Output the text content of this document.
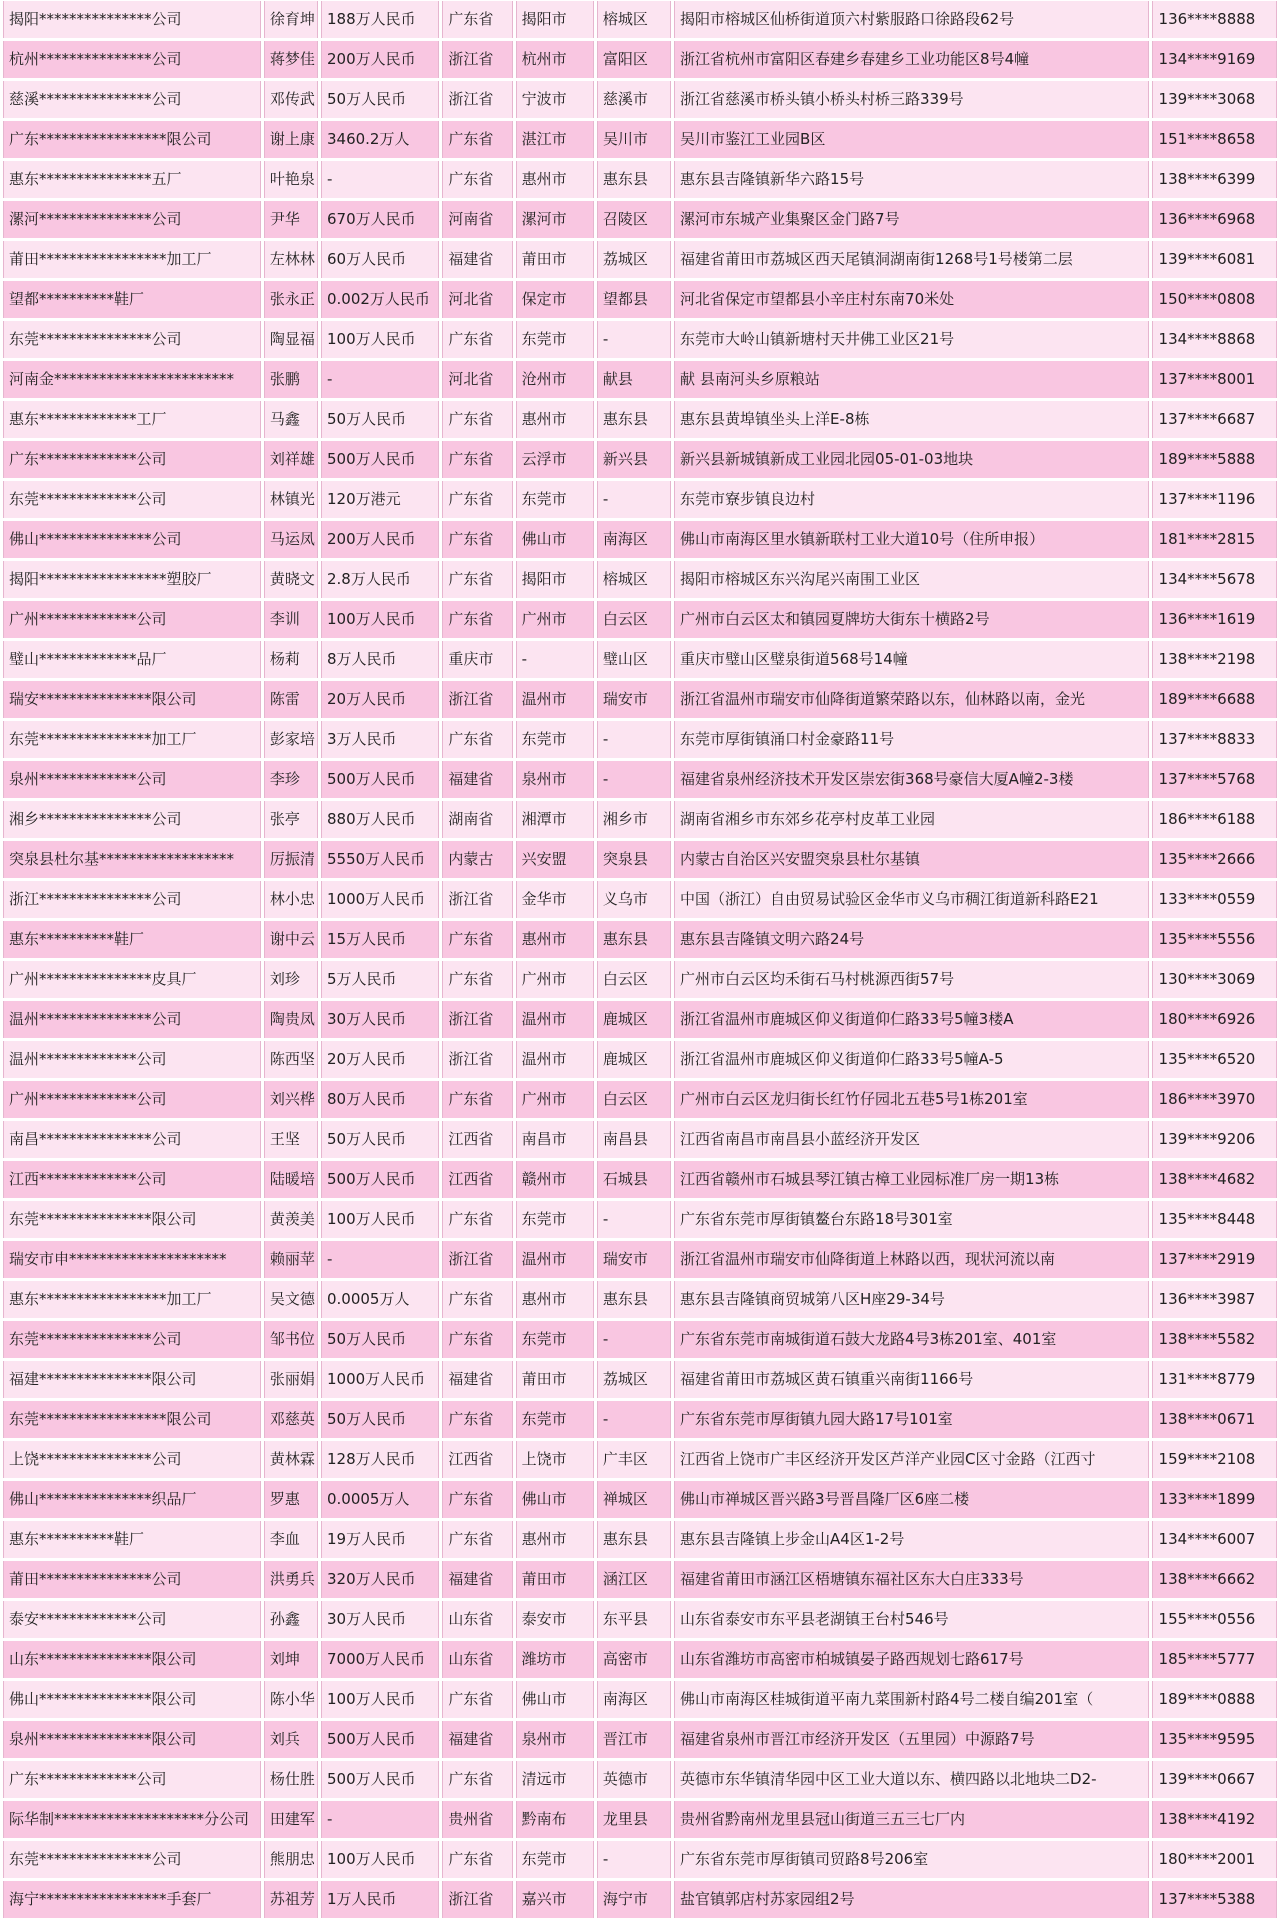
揭阳***************公司	徐育坤	188万人民币	广东省	揭阳市	榕城区	揭阳市榕城区仙桥街道顶六村紫服路口徐路段62号	136****8888
杭州***************公司	蒋梦佳	200万人民币	浙江省	杭州市	富阳区	浙江省杭州市富阳区春建乡春建乡工业功能区8号4幢	134****9169
慈溪***************公司	邓传武	50万人民币	浙江省	宁波市	慈溪市	浙江省慈溪市桥头镇小桥头村桥三路339号	139****3068
广东*****************限公司	谢上康	3460.2万人	广东省	湛江市	吴川市	吴川市鉴江工业园B区	151****8658
惠东***************五厂	叶艳泉	-	广东省	惠州市	惠东县	惠东县吉隆镇新华六路15号	138****6399
漯河***************公司	尹华	670万人民币	河南省	漯河市	召陵区	漯河市东城产业集聚区金门路7号	136****6968
莆田*****************加工厂	左林林	60万人民币	福建省	莆田市	荔城区	福建省莆田市荔城区西天尾镇洞湖南街1268号1号楼第二层	139****6081
望都**********鞋厂	张永正	0.002万人民币	河北省	保定市	望都县	河北省保定市望都县小辛庄村东南70米处	150****0808
东莞***************公司	陶显福	100万人民币	广东省	东莞市	-	东莞市大岭山镇新塘村天井佛工业区21号	134****8868
河南金************************	张鹏	-	河北省	沧州市	献县	献 县南河头乡原粮站	137****8001
惠东*************工厂	马鑫	50万人民币	广东省	惠州市	惠东县	惠东县黄埠镇坐头上洋E-8栋	137****6687
广东*************公司	刘祥雄	500万人民币	广东省	云浮市	新兴县	新兴县新城镇新成工业园北园05-01-03地块	189****5888
东莞*************公司	林镇光	120万港元	广东省	东莞市	-	东莞市寮步镇良边村	137****1196
佛山***************公司	马运凤	200万人民币	广东省	佛山市	南海区	佛山市南海区里水镇新联村工业大道10号（住所申报）	181****2815
揭阳*****************塑胶厂	黄晓文	2.8万人民币	广东省	揭阳市	榕城区	揭阳市榕城区东兴沟尾兴南围工业区	134****5678
广州*************公司	李训	100万人民币	广东省	广州市	白云区	广州市白云区太和镇园夏牌坊大街东十横路2号	136****1619
璧山*************品厂	杨莉	8万人民币	重庆市	-	璧山区	重庆市璧山区璧泉街道568号14幢	138****2198
瑞安***************限公司	陈雷	20万人民币	浙江省	温州市	瑞安市	浙江省温州市瑞安市仙降街道繁荣路以东，仙林路以南，金光	189****6688
东莞***************加工厂	彭家培	3万人民币	广东省	东莞市	-	东莞市厚街镇涌口村金豪路11号	137****8833
泉州*************公司	李珍	500万人民币	福建省	泉州市	-	福建省泉州经济技术开发区崇宏街368号豪信大厦A幢2-3楼	137****5768
湘乡***************公司	张亭	880万人民币	湖南省	湘潭市	湘乡市	湖南省湘乡市东郊乡花亭村皮革工业园	186****6188
突泉县杜尔基******************	厉振清	5550万人民币	内蒙古	兴安盟	突泉县	内蒙古自治区兴安盟突泉县杜尔基镇	135****2666
浙江***************公司	林小忠	1000万人民币	浙江省	金华市	义乌市	中国（浙江）自由贸易试验区金华市义乌市稠江街道新科路E21	133****0559
惠东**********鞋厂	谢中云	15万人民币	广东省	惠州市	惠东县	惠东县吉隆镇文明六路24号	135****5556
广州***************皮具厂	刘珍	5万人民币	广东省	广州市	白云区	广州市白云区均禾街石马村桃源西街57号	130****3069
温州***************公司	陶贵凤	30万人民币	浙江省	温州市	鹿城区	浙江省温州市鹿城区仰义街道仰仁路33号5幢3楼A	180****6926
温州*************公司	陈西坚	20万人民币	浙江省	温州市	鹿城区	浙江省温州市鹿城区仰义街道仰仁路33号5幢A-5	135****6520
广州*************公司	刘兴桦	80万人民币	广东省	广州市	白云区	广州市白云区龙归街长红竹仔园北五巷5号1栋201室	186****3970
南昌***************公司	王坚	50万人民币	江西省	南昌市	南昌县	江西省南昌市南昌县小蓝经济开发区	139****9206
江西*************公司	陆暖培	500万人民币	江西省	赣州市	石城县	江西省赣州市石城县琴江镇古樟工业园标准厂房一期13栋	138****4682
东莞***************限公司	黄羡美	100万人民币	广东省	东莞市	-	广东省东莞市厚街镇鳌台东路18号301室	135****8448
瑞安市申*********************	赖丽苹	-	浙江省	温州市	瑞安市	浙江省温州市瑞安市仙降街道上林路以西，现状河流以南	137****2919
惠东*****************加工厂	吴文德	0.0005万人	广东省	惠州市	惠东县	惠东县吉隆镇商贸城第八区H座29-34号	136****3987
东莞***************公司	邹书位	50万人民币	广东省	东莞市	-	广东省东莞市南城街道石鼓大龙路4号3栋201室、401室	138****5582
福建***************限公司	张丽娟	1000万人民币	福建省	莆田市	荔城区	福建省莆田市荔城区黄石镇重兴南街1166号	131****8779
东莞*****************限公司	邓慈英	50万人民币	广东省	东莞市	-	广东省东莞市厚街镇九园大路17号101室	138****0671
上饶***************公司	黄林霖	128万人民币	江西省	上饶市	广丰区	江西省上饶市广丰区经济开发区芦洋产业园C区寸金路（江西寸	159****2108
佛山***************织品厂	罗惠	0.0005万人	广东省	佛山市	禅城区	佛山市禅城区晋兴路3号晋昌隆厂区6座二楼	133****1899
惠东**********鞋厂	李血	19万人民币	广东省	惠州市	惠东县	惠东县吉隆镇上步金山A4区1-2号	134****6007
莆田***************公司	洪勇兵	320万人民币	福建省	莆田市	涵江区	福建省莆田市涵江区梧塘镇东福社区东大白庄333号	138****6662
泰安*************公司	孙鑫	30万人民币	山东省	泰安市	东平县	山东省泰安市东平县老湖镇王台村546号	155****0556
山东***************限公司	刘坤	7000万人民币	山东省	潍坊市	高密市	山东省潍坊市高密市柏城镇晏子路西规划七路617号	185****5777
佛山***************限公司	陈小华	100万人民币	广东省	佛山市	南海区	佛山市南海区桂城街道平南九菜围新村路4号二楼自编201室（	189****0888
泉州***************限公司	刘兵	500万人民币	福建省	泉州市	晋江市	福建省泉州市晋江市经济开发区（五里园）中源路7号	135****9595
广东*************公司	杨仕胜	500万人民币	广东省	清远市	英德市	英德市东华镇清华园中区工业大道以东、横四路以北地块二D2-	139****0667
际华制********************分公司	田建军	-	贵州省	黔南布	龙里县	贵州省黔南州龙里县冠山街道三五三七厂内	138****4192
东莞***************公司	熊朋忠	100万人民币	广东省	东莞市	-	广东省东莞市厚街镇司贸路8号206室	180****2001
海宁*****************手套厂	苏祖芳	1万人民币	浙江省	嘉兴市	海宁市	盐官镇郭店村苏家园组2号	137****5388
